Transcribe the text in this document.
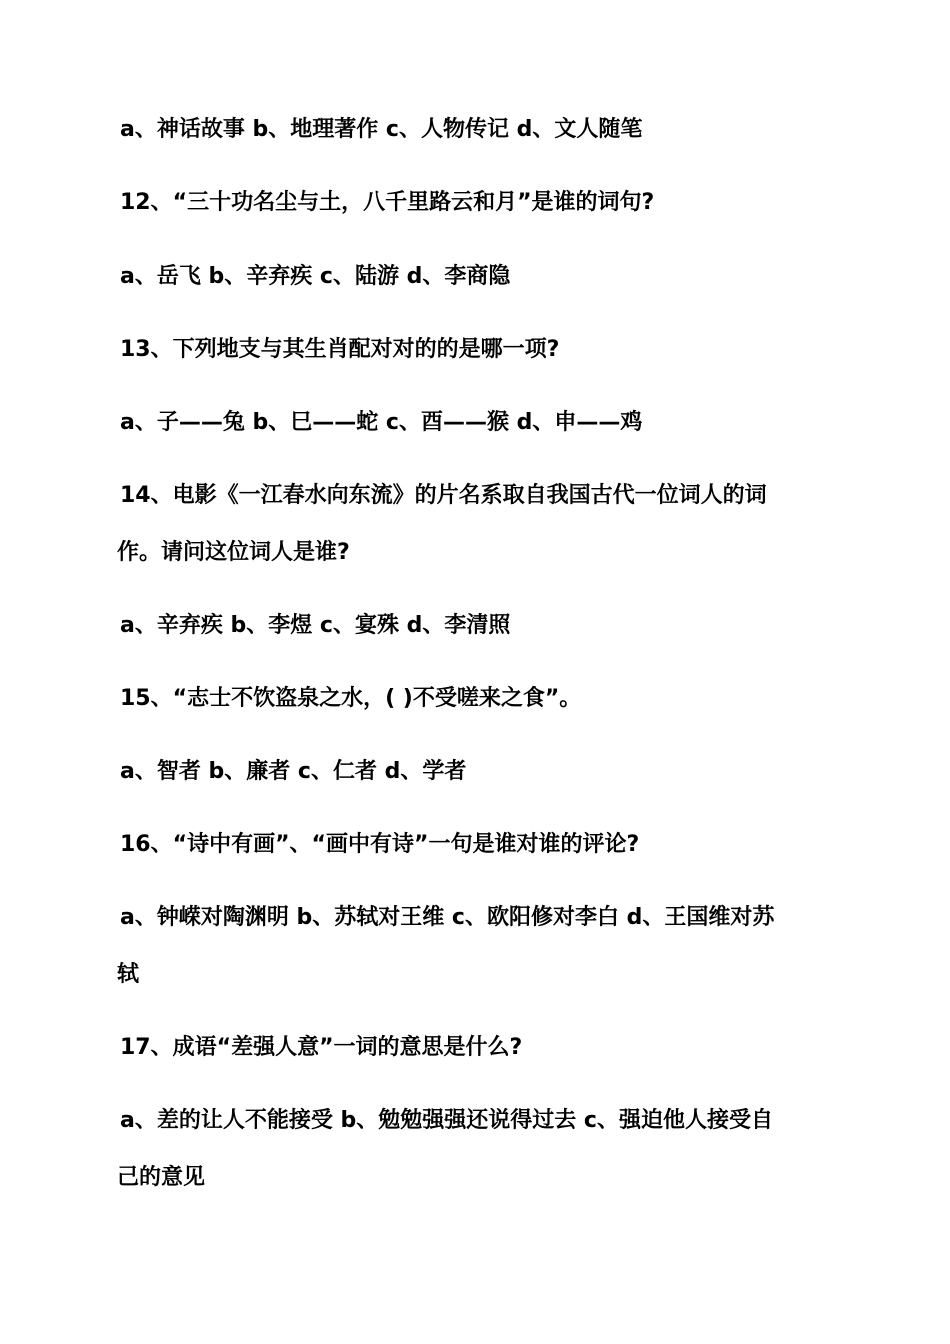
a、神话故事 b、地理著作 c、人物传记 d、文人随笔
12、“三十功名尘与土，八千里路云和月”是谁的词句?
a、岳飞 b、辛弃疾 c、陆游 d、李商隐
13、下列地支与其生肖配对对的的是哪一项?
a、子——兔 b、巳——蛇 c、酉——猴 d、申——鸡
14、电影《一江春水向东流》的片名系取自我国古代一位词人的词
作。请问这位词人是谁?
a、辛弃疾 b、李煜 c、宴殊 d、李清照
15、“志士不饮盗泉之水，( )不受嗟来之食”。
a、智者 b、廉者 c、仁者 d、学者
16、“诗中有画”、“画中有诗”一句是谁对谁的评论?
a、钟嵘对陶渊明 b、苏轼对王维 c、欧阳修对李白 d、王国维对苏
轼
17、成语“差强人意”一词的意思是什么?
a、差的让人不能接受 b、勉勉强强还说得过去 c、强迫他人接受自
己的意见
